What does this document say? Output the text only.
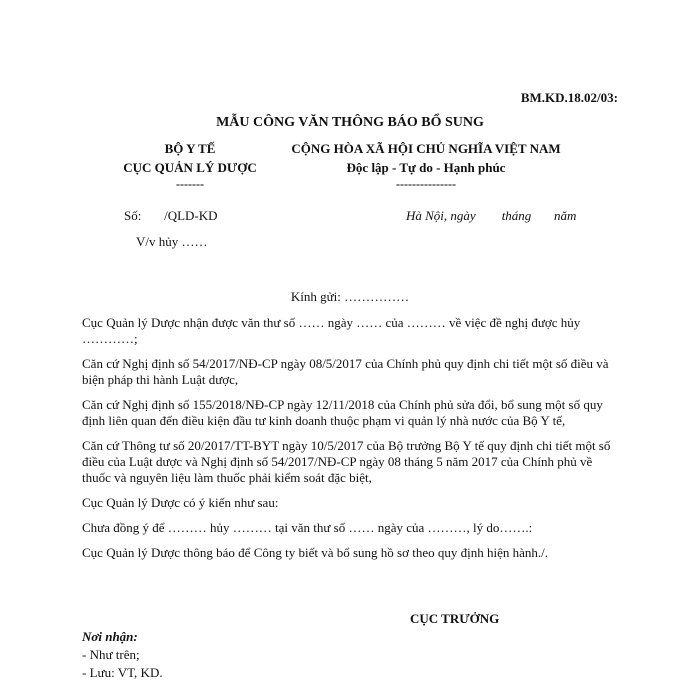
BM.KD.18.02/03:
MẪU CÔNG VĂN THÔNG BÁO BỔ SUNG
BỘ Y TẾ
CỤC QUẢN LÝ DƯỢC
-------
CỘNG HÒA XÃ HỘI CHỦ NGHĨA VIỆT NAM
Độc lập - Tự do - Hạnh phúc
---------------
Số:       /QLD-KD	Hà Nội, ngày        tháng       năm
V/v hủy ……
Kính gửi: ……………

Cục Quản lý Dược nhận được văn thư số …… ngày …… của ……… về việc đề nghị được hủy …………;

Căn cứ Nghị định số 54/2017/NĐ-CP ngày 08/5/2017 của Chính phủ quy định chi tiết một số điều và biện pháp thi hành Luật dược,

Căn cứ Nghị định số 155/2018/NĐ-CP ngày 12/11/2018 của Chính phủ sửa đổi, bổ sung một số quy định liên quan đến điều kiện đầu tư kinh doanh thuộc phạm vi quản lý nhà nước của Bộ Y tế,

Căn cứ Thông tư số 20/2017/TT-BYT ngày 10/5/2017 của Bộ trưởng Bộ Y tế quy định chi tiết một số điều của Luật dược và Nghị định số 54/2017/NĐ-CP ngày 08 tháng 5 năm 2017 của Chính phủ về thuốc và nguyên liệu làm thuốc phải kiểm soát đặc biệt,

Cục Quản lý Dược có ý kiến như sau:

Chưa đồng ý để ……… hủy ……… tại văn thư số …… ngày của ………, lý do…….:

Cục Quản lý Dược thông báo để Công ty biết và bổ sung hồ sơ theo quy định hiện hành./.

CỤC TRƯỞNG
Nơi nhận:
- Như trên;
- Lưu: VT, KD.
